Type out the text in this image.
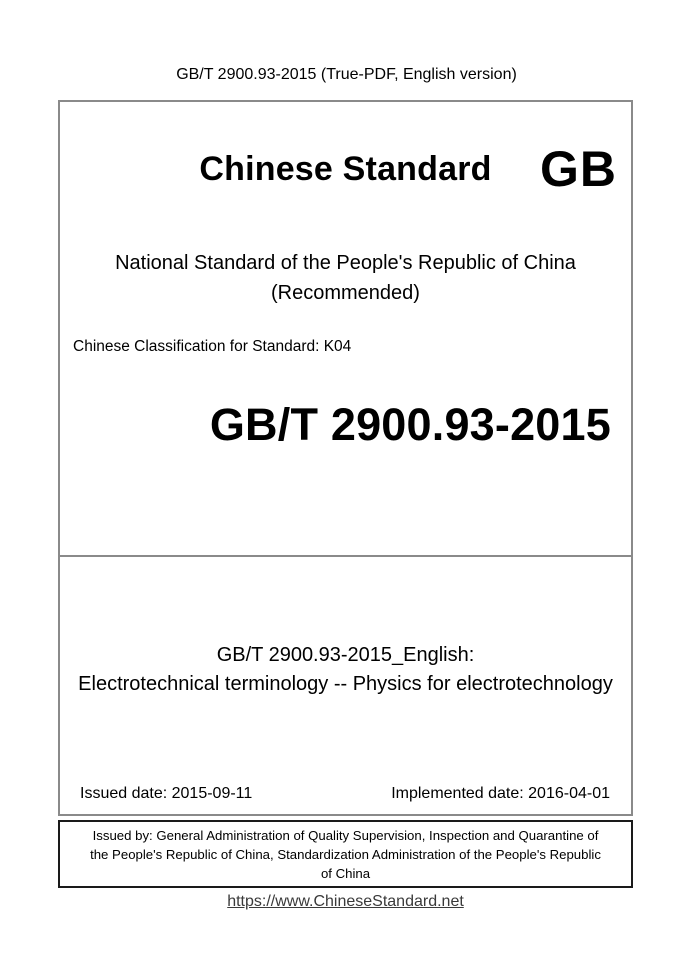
GB/T 2900.93-2015 (True-PDF, English version)
Chinese Standard GB
National Standard of the People's Republic of China
(Recommended)
Chinese Classification for Standard: K04
GB/T 2900.93-2015
GB/T 2900.93-2015_English:
Electrotechnical terminology -- Physics for electrotechnology
Issued date: 2015-09-11	Implemented date: 2016-04-01
Issued by: General Administration of Quality Supervision, Inspection and Quarantine of the People's Republic of China, Standardization Administration of the People's Republic of China
https://www.ChineseStandard.net
